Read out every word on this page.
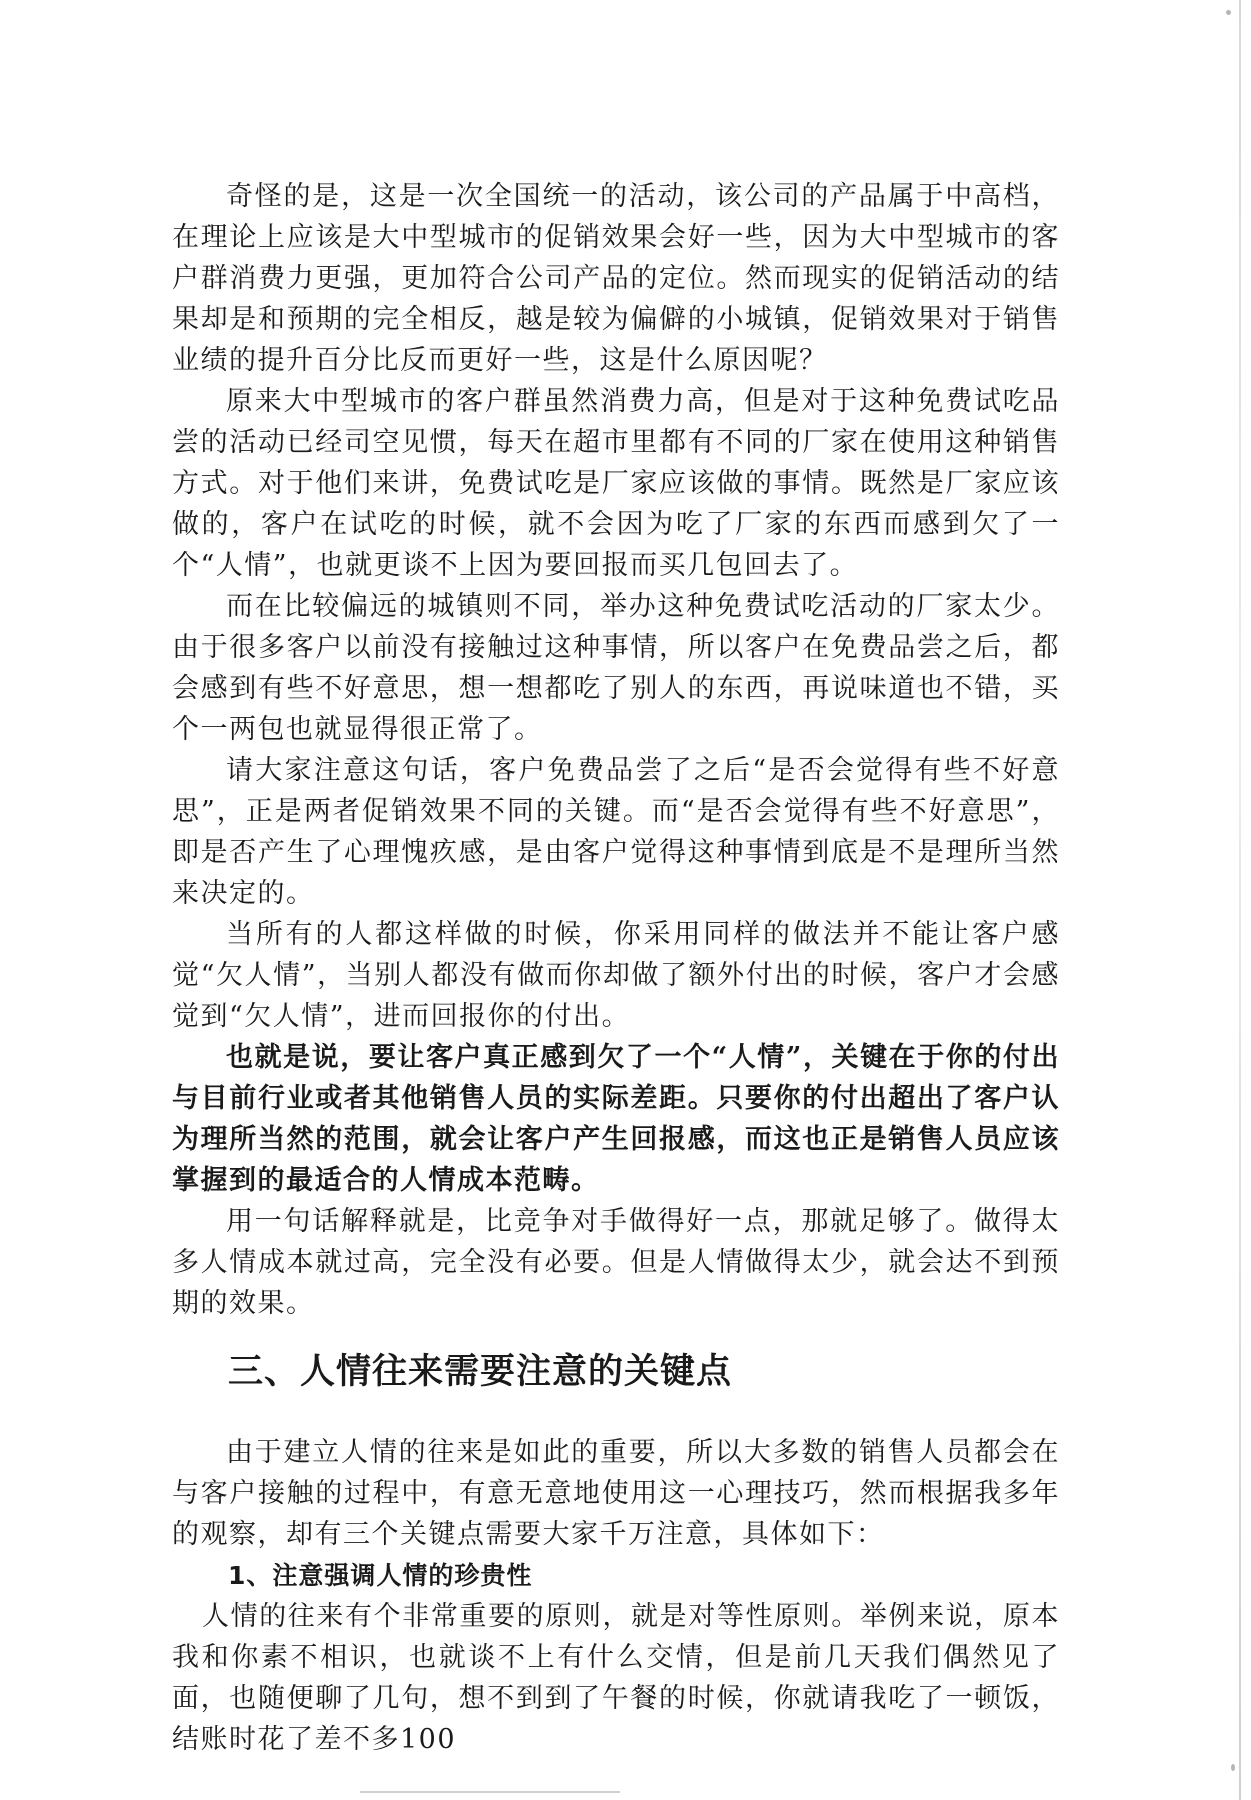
奇怪的是，这是一次全国统一的活动，该公司的产品属于中高档，在理论上应该是大中型城市的促销效果会好一些，因为大中型城市的客户群消费力更强，更加符合公司产品的定位。然而现实的促销活动的结果却是和预期的完全相反，越是较为偏僻的小城镇，促销效果对于销售业绩的提升百分比反而更好一些，这是什么原因呢？

原来大中型城市的客户群虽然消费力高，但是对于这种免费试吃品尝的活动已经司空见惯，每天在超市里都有不同的厂家在使用这种销售方式。对于他们来讲，免费试吃是厂家应该做的事情。既然是厂家应该做的，客户在试吃的时候，就不会因为吃了厂家的东西而感到欠了一个“人情”，也就更谈不上因为要回报而买几包回去了。

而在比较偏远的城镇则不同，举办这种免费试吃活动的厂家太少。由于很多客户以前没有接触过这种事情，所以客户在免费品尝之后，都会感到有些不好意思，想一想都吃了别人的东西，再说味道也不错，买个一两包也就显得很正常了。

请大家注意这句话，客户免费品尝了之后“是否会觉得有些不好意思”，正是两者促销效果不同的关键。而“是否会觉得有些不好意思”，即是否产生了心理愧疚感，是由客户觉得这种事情到底是不是理所当然来决定的。

当所有的人都这样做的时候，你采用同样的做法并不能让客户感觉“欠人情”，当别人都没有做而你却做了额外付出的时候，客户才会感觉到“欠人情”，进而回报你的付出。

也就是说，要让客户真正感到欠了一个“人情”，关键在于你的付出与目前行业或者其他销售人员的实际差距。只要你的付出超出了客户认为理所当然的范围，就会让客户产生回报感，而这也正是销售人员应该掌握到的最适合的人情成本范畴。

用一句话解释就是，比竞争对手做得好一点，那就足够了。做得太多人情成本就过高，完全没有必要。但是人情做得太少，就会达不到预期的效果。

三、人情往来需要注意的关键点

由于建立人情的往来是如此的重要，所以大多数的销售人员都会在与客户接触的过程中，有意无意地使用这一心理技巧，然而根据我多年的观察，却有三个关键点需要大家千万注意，具体如下：

1、注意强调人情的珍贵性

人情的往来有个非常重要的原则，就是对等性原则。举例来说，原本我和你素不相识，也就谈不上有什么交情，但是前几天我们偶然见了面，也随便聊了几句，想不到到了午餐的时候，你就请我吃了一顿饭，结账时花了差不多100
